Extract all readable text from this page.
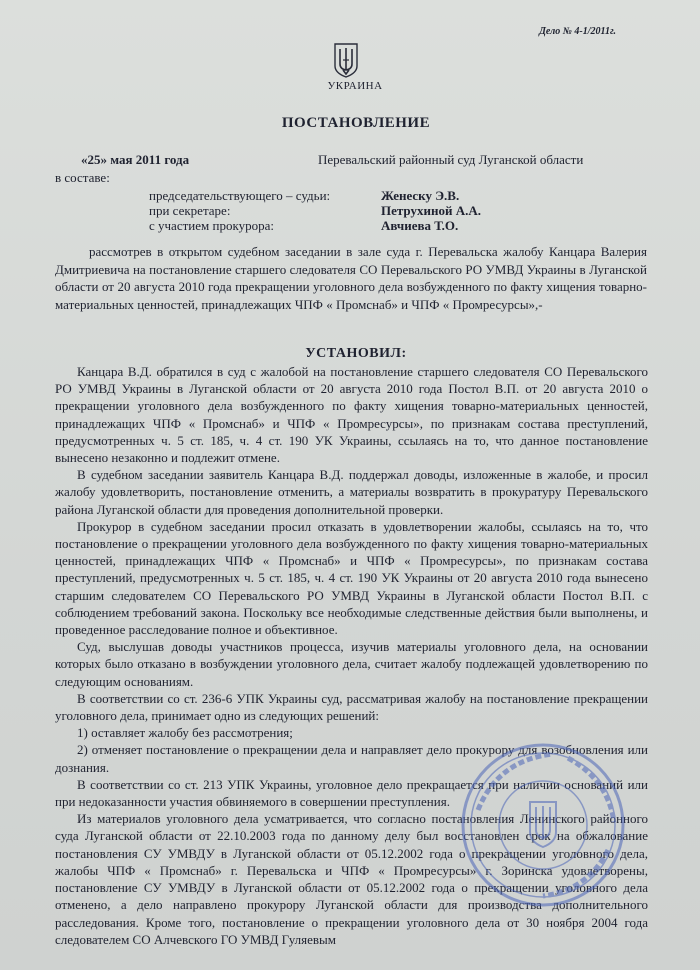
Дело № 4-1/2011г.
УКРАИНА
ПОСТАНОВЛЕНИЕ
«25» мая 2011 года	Перевальский районный суд Луганской области
в составе:
председательствующего – судьи:	Женеску Э.В.
при секретаре:	Петрухиной А.А.
с участием прокурора:	Авчиева Т.О.
рассмотрев в открытом судебном заседании в зале суда г. Перевальска жалобу Канцара Валерия Дмитриевича на постановление старшего следователя СО Перевальского РО УМВД Украины в Луганской области от 20 августа 2010 года прекращении уголовного дела возбужденного по факту хищения товарно-материальных ценностей, принадлежащих ЧПФ « Промснаб» и ЧПФ « Промресурсы»,-
УСТАНОВИЛ:

Канцара В.Д. обратился в суд с жалобой на постановление старшего следователя СО Перевальского РО УМВД Украины в Луганской области от 20 августа 2010 года Постол В.П. от 20 августа 2010 о прекращении уголовного дела возбужденного по факту хищения товарно-материальных ценностей, принадлежащих ЧПФ « Промснаб» и ЧПФ « Промресурсы», по признакам состава преступлений, предусмотренных ч. 5 ст. 185, ч. 4 ст. 190 УК Украины, ссылаясь на то, что данное постановление вынесено незаконно и подлежит отмене.

В судебном заседании заявитель Канцара В.Д. поддержал доводы, изложенные в жалобе, и просил жалобу удовлетворить, постановление отменить, а материалы возвратить в прокуратуру Перевальского района Луганской области для проведения дополнительной проверки.

Прокурор в судебном заседании просил отказать в удовлетворении жалобы, ссылаясь на то, что постановление о прекращении уголовного дела возбужденного по факту хищения товарно-материальных ценностей, принадлежащих ЧПФ « Промснаб» и ЧПФ « Промресурсы», по признакам состава преступлений, предусмотренных ч. 5 ст. 185, ч. 4 ст. 190 УК Украины от 20 августа 2010 года вынесено старшим следователем СО Перевальского РО УМВД Украины в Луганской области Постол В.П. с соблюдением требований закона. Поскольку все необходимые следственные действия были выполнены, и проведенное расследование полное и объективное.

Суд, выслушав доводы участников процесса, изучив материалы уголовного дела, на основании которых было отказано в возбуждении уголовного дела, считает жалобу подлежащей удовлетворению по следующим основаниям.

В соответствии со ст. 236-6 УПК Украины суд, рассматривая жалобу на постановление прекращении уголовного дела, принимает одно из следующих решений:

1) оставляет жалобу без рассмотрения;

2) отменяет постановление о прекращении дела и направляет дело прокурору для возобновления или дознания.

В соответствии со ст. 213 УПК Украины, уголовное дело прекращается при наличии оснований или при недоказанности участия обвиняемого в совершении преступления.

Из материалов уголовного дела усматривается, что согласно постановления Ленинского районного суда Луганской области от 22.10.2003 года по данному делу был восстановлен срок на обжалование постановления СУ УМВДУ в Луганской области от 05.12.2002 года о прекращении уголовного дела, жалобы ЧПФ « Промснаб» г. Перевальска и ЧПФ « Промресурсы» г. Зоринска удовлетворены, постановление СУ УМВДУ в Луганской области от 05.12.2002 года о прекращении уголовного дела отменено, а дело направлено прокурору Луганской области для производства дополнительного расследования. Кроме того, постановление о прекращении уголовного дела от 30 ноября 2004 года следователем СО Алчевского ГО УМВД Гуляевым
